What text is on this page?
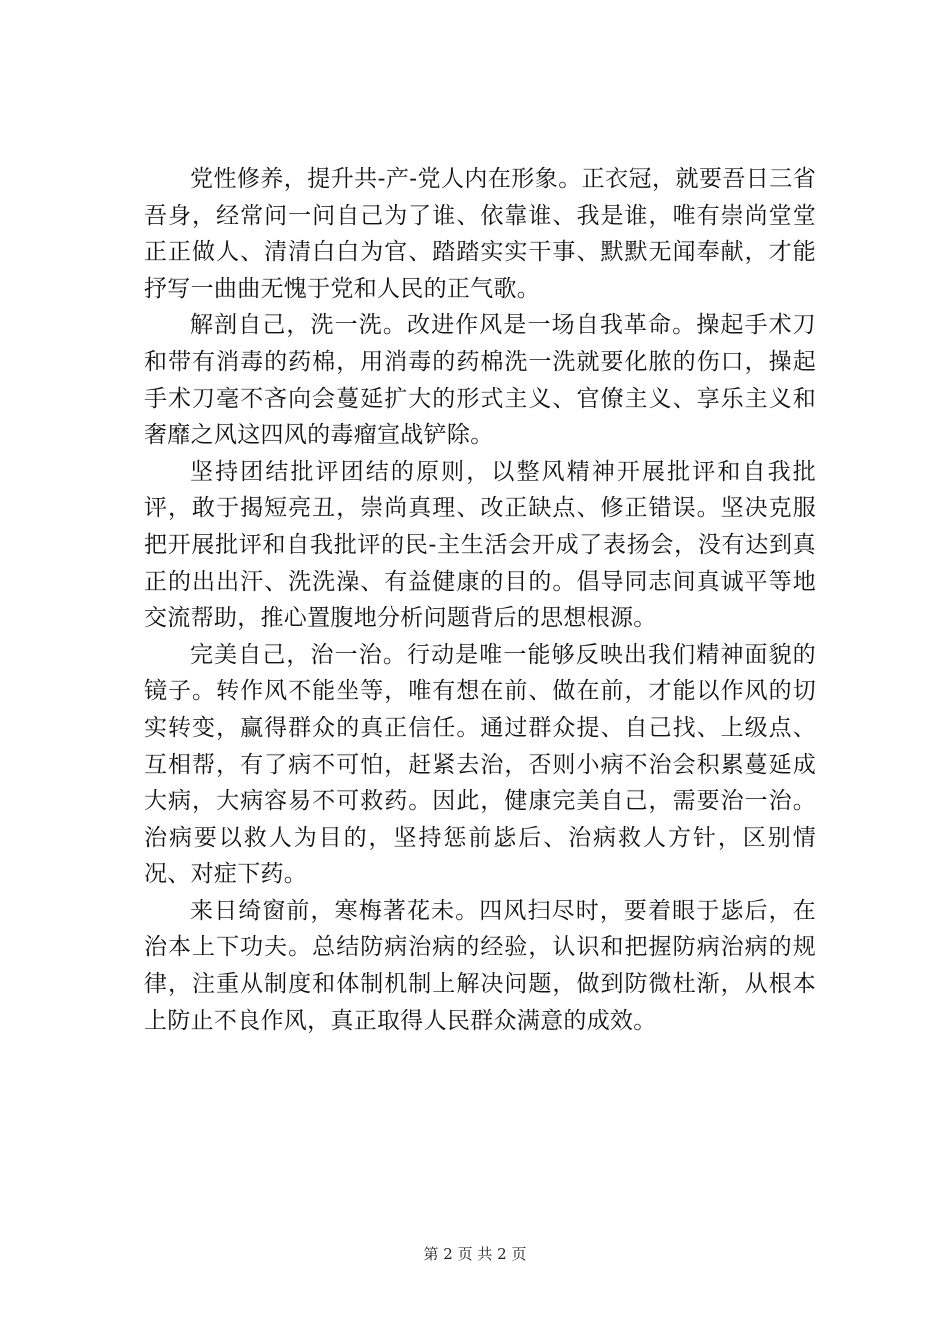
党性修养，提升共-产-党人内在形象。正衣冠，就要吾日三省吾身，经常问一问自己为了谁、依靠谁、我是谁，唯有崇尚堂堂正正做人、清清白白为官、踏踏实实干事、默默无闻奉献，才能抒写一曲曲无愧于党和人民的正气歌。

解剖自己，洗一洗。改进作风是一场自我革命。操起手术刀和带有消毒的药棉，用消毒的药棉洗一洗就要化脓的伤口，操起手术刀毫不吝向会蔓延扩大的形式主义、官僚主义、享乐主义和奢靡之风这四风的毒瘤宣战铲除。

坚持团结批评团结的原则，以整风精神开展批评和自我批评，敢于揭短亮丑，崇尚真理、改正缺点、修正错误。坚决克服把开展批评和自我批评的民-主生活会开成了表扬会，没有达到真正的出出汗、洗洗澡、有益健康的目的。倡导同志间真诚平等地交流帮助，推心置腹地分析问题背后的思想根源。

完美自己，治一治。行动是唯一能够反映出我们精神面貌的镜子。转作风不能坐等，唯有想在前、做在前，才能以作风的切实转变，赢得群众的真正信任。通过群众提、自己找、上级点、互相帮，有了病不可怕，赶紧去治，否则小病不治会积累蔓延成大病，大病容易不可救药。因此，健康完美自己，需要治一治。治病要以救人为目的，坚持惩前毖后、治病救人方针，区别情况、对症下药。

来日绮窗前，寒梅著花未。四风扫尽时，要着眼于毖后，在治本上下功夫。总结防病治病的经验，认识和把握防病治病的规律，注重从制度和体制机制上解决问题，做到防微杜渐，从根本上防止不良作风，真正取得人民群众满意的成效。

第 2 页 共 2 页
